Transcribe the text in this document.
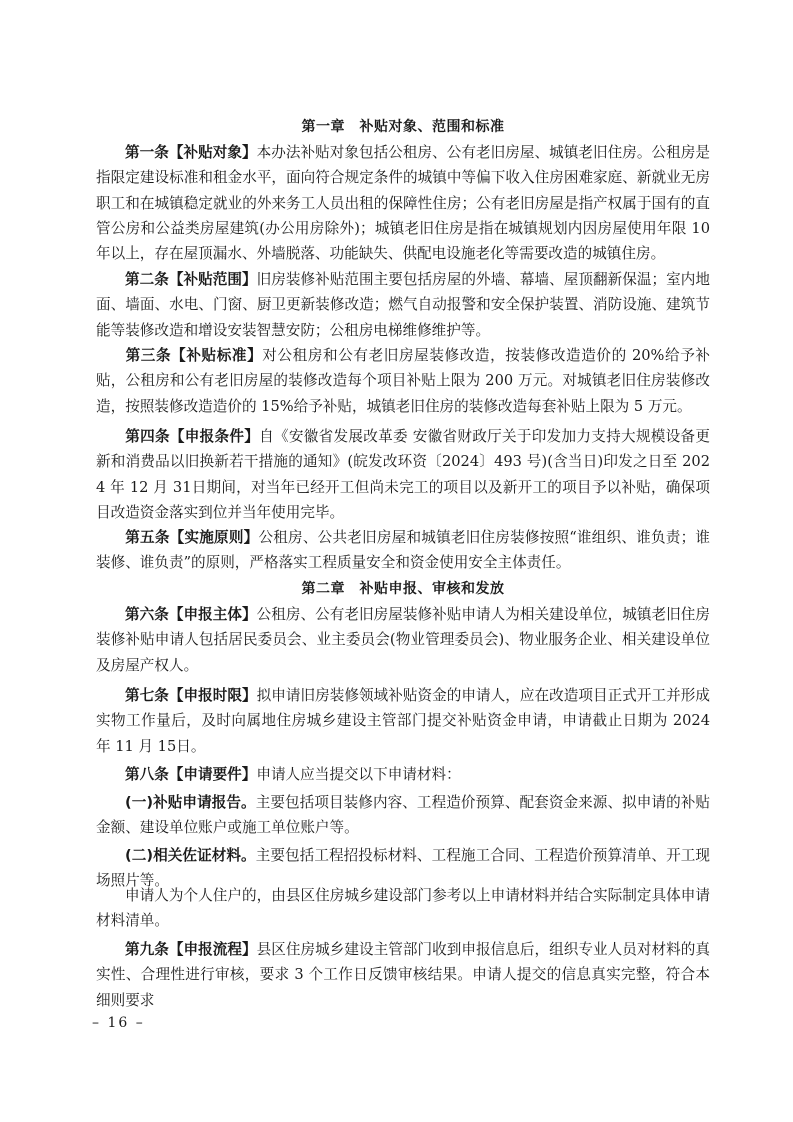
第一章　补贴对象、范围和标准

第一条【补贴对象】本办法补贴对象包括公租房、公有老旧房屋、城镇老旧住房。公租房是指限定建设标准和租金水平，面向符合规定条件的城镇中等偏下收入住房困难家庭、新就业无房职工和在城镇稳定就业的外来务工人员出租的保障性住房；公有老旧房屋是指产权属于国有的直管公房和公益类房屋建筑(办公用房除外)；城镇老旧住房是指在城镇规划内因房屋使用年限 10 年以上，存在屋顶漏水、外墙脱落、功能缺失、供配电设施老化等需要改造的城镇住房。

第二条【补贴范围】旧房装修补贴范围主要包括房屋的外墙、幕墙、屋顶翻新保温；室内地面、墙面、水电、门窗、厨卫更新装修改造；燃气自动报警和安全保护装置、消防设施、建筑节能等装修改造和增设安装智慧安防；公租房电梯维修维护等。

第三条【补贴标准】对公租房和公有老旧房屋装修改造，按装修改造造价的 20%给予补贴，公租房和公有老旧房屋的装修改造每个项目补贴上限为 200 万元。对城镇老旧住房装修改造，按照装修改造造价的 15%给予补贴，城镇老旧住房的装修改造每套补贴上限为 5 万元。

第四条【申报条件】自《安徽省发展改革委 安徽省财政厅关于印发加力支持大规模设备更新和消费品以旧换新若干措施的通知》(皖发改环资〔2024〕493 号)(含当日)印发之日至 2024 年 12 月 31日期间，对当年已经开工但尚未完工的项目以及新开工的项目予以补贴，确保项目改造资金落实到位并当年使用完毕。

第五条【实施原则】公租房、公共老旧房屋和城镇老旧住房装修按照“谁组织、谁负责；谁装修、谁负责”的原则，严格落实工程质量安全和资金使用安全主体责任。

第二章　补贴申报、审核和发放

第六条【申报主体】公租房、公有老旧房屋装修补贴申请人为相关建设单位，城镇老旧住房装修补贴申请人包括居民委员会、业主委员会(物业管理委员会)、物业服务企业、相关建设单位及房屋产权人。

第七条【申报时限】拟申请旧房装修领域补贴资金的申请人，应在改造项目正式开工并形成实物工作量后，及时向属地住房城乡建设主管部门提交补贴资金申请，申请截止日期为 2024 年 11 月 15日。

第八条【申请要件】申请人应当提交以下申请材料：

(一)补贴申请报告。主要包括项目装修内容、工程造价预算、配套资金来源、拟申请的补贴金额、建设单位账户或施工单位账户等。

(二)相关佐证材料。主要包括工程招投标材料、工程施工合同、工程造价预算清单、开工现场照片等。

申请人为个人住户的，由县区住房城乡建设部门参考以上申请材料并结合实际制定具体申请材料清单。

第九条【申报流程】县区住房城乡建设主管部门收到申报信息后，组织专业人员对材料的真实性、合理性进行审核，要求 3 个工作日反馈审核结果。申请人提交的信息真实完整，符合本细则要求

– 16 –
